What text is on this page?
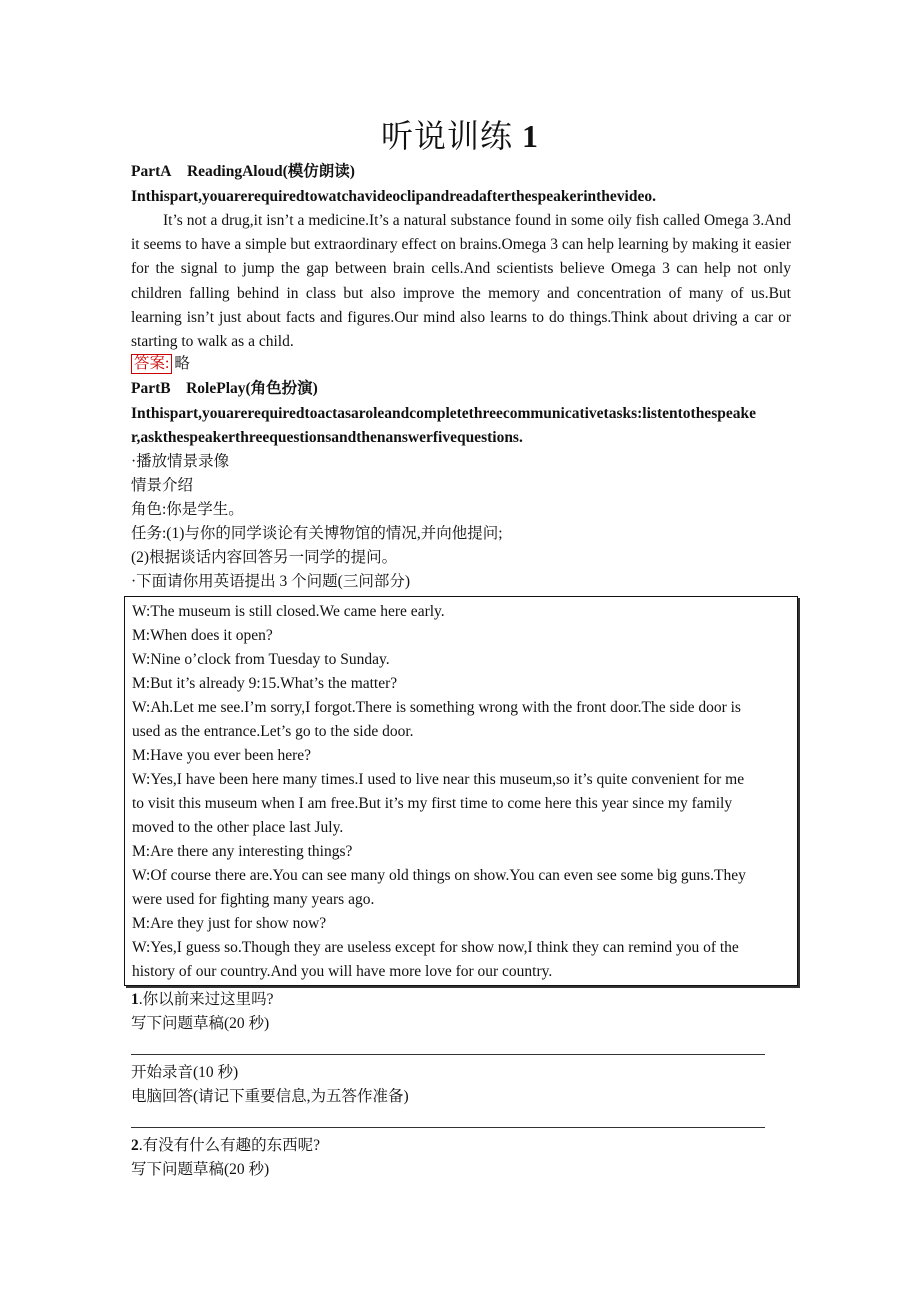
听说训练 1
PartA    ReadingAloud(模仿朗读)
Inthispart,youarerequiredtowatchavideoclipandreadafterthespeakerinthevideo.
It’s not a drug,it isn’t a medicine.It’s a natural substance found in some oily fish called Omega 3.And it seems to have a simple but extraordinary effect on brains.Omega 3 can help learning by making it easier for the signal to jump the gap between brain cells.And scientists believe Omega 3 can help not only children falling behind in class but also improve the memory and concentration of many of us.But learning isn’t just about facts and figures.Our mind also learns to do things.Think about driving a car or starting to walk as a child.
答案: 略
PartB    RolePlay(角色扮演)
Inthispart,youarerequiredtoactasaroleandcompletethreecommunicativetasks:listentothespeake
r,askthespeakerthreequestionsandthenanswerfivequestions.
·播放情景录像
情景介绍
角色:你是学生。
任务:(1)与你的同学谈论有关博物馆的情况,并向他提问;
(2)根据谈话内容回答另一同学的提问。
·下面请你用英语提出 3 个问题(三问部分)
W:The museum is still closed.We came here early.
M:When does it open?
W:Nine o’clock from Tuesday to Sunday.
M:But it’s already 9:15.What’s the matter?
W:Ah.Let me see.I’m sorry,I forgot.There is something wrong with the front door.The side door is
used as the entrance.Let’s go to the side door.
M:Have you ever been here?
W:Yes,I have been here many times.I used to live near this museum,so it’s quite convenient for me
to visit this museum when I am free.But it’s my first time to come here this year since my family
moved to the other place last July.
M:Are there any interesting things?
W:Of course there are.You can see many old things on show.You can even see some big guns.They
were used for fighting many years ago.
M:Are they just for show now?
W:Yes,I guess so.Though they are useless except for show now,I think they can remind you of the
history of our country.And you will have more love for our country.
1.你以前来过这里吗?
写下问题草稿(20 秒)
开始录音(10 秒)
电脑回答(请记下重要信息,为五答作准备)
2.有没有什么有趣的东西呢?
写下问题草稿(20 秒)
